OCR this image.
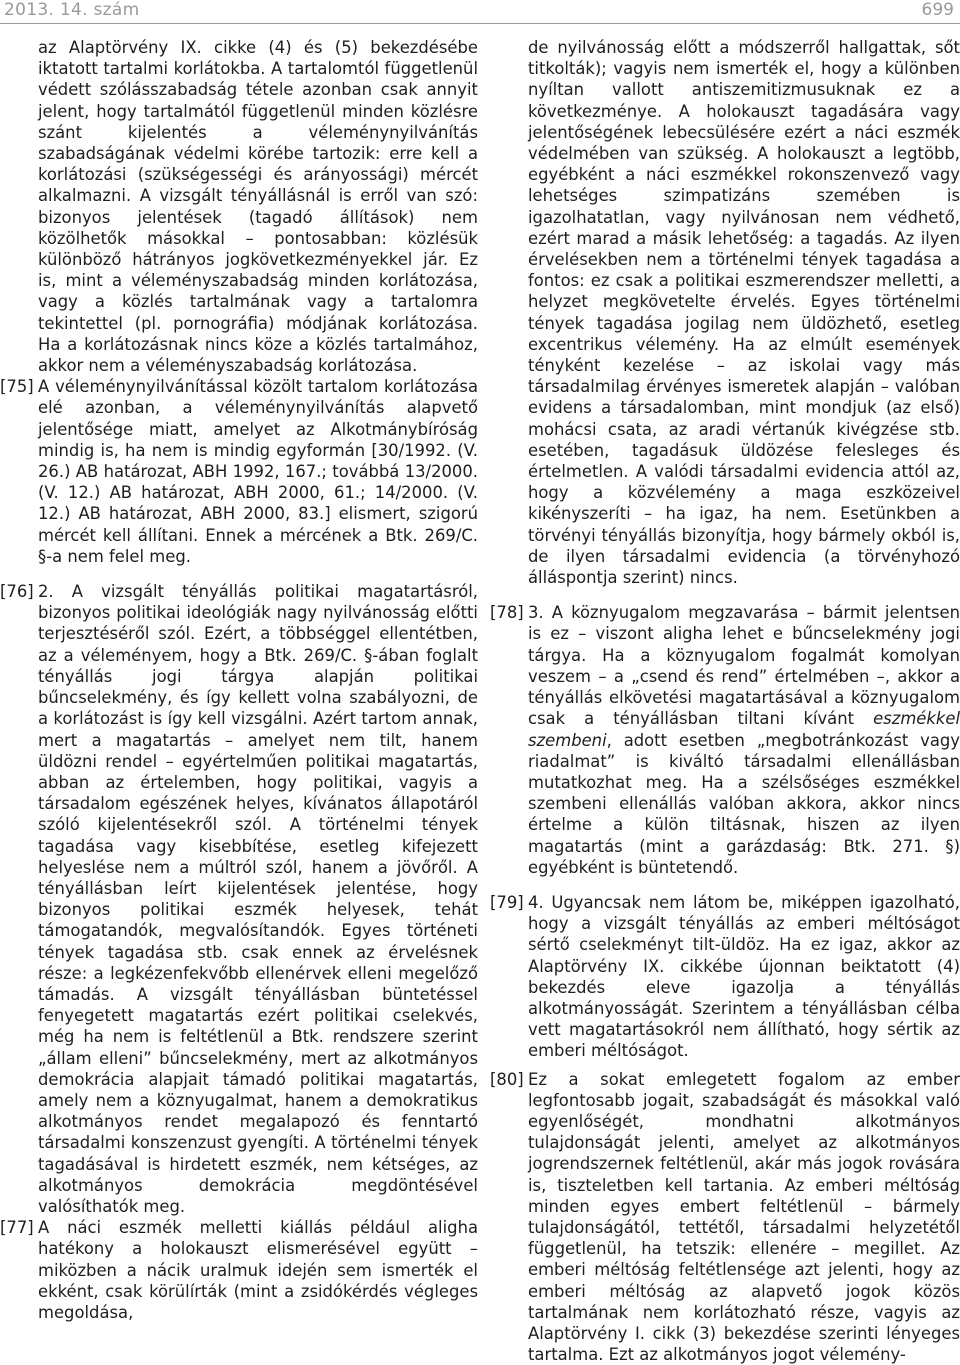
2013. 14. szám	699

az Alaptörvény IX. cikke (4) és (5) bekezdésébe iktatott tartalmi korlátokba. A tartalomtól függetlenül védett szólásszabadság tétele azonban csak annyit jelent, hogy tartalmától függetlenül minden közlésre szánt kijelentés a véleménynyilvánítás szabadságának védelmi körébe tartozik: erre kell a korlátozási (szükségességi és arányossági) mércét alkalmazni. A vizsgált tényállásnál is erről van szó: bizonyos jelentések (tagadó állítások) nem közölhetők másokkal – pontosabban: közlésük különböző hátrányos jogkövetkezményekkel jár. Ez is, mint a véleményszabadság minden korlátozása, vagy a közlés tartalmának vagy a tartalomra tekintettel (pl. pornográfia) módjának korlátozása. Ha a korlátozásnak nincs köze a közlés tartalmához, akkor nem a véleményszabadság korlátozása.

[75] A véleménynyilvánítással közölt tartalom korlátozása elé azonban, a véleménynyilvánítás alapvető jelentősége miatt, amelyet az Alkotmánybíróság mindig is, ha nem is mindig egyformán [30/1992. (V. 26.) AB határozat, ABH 1992, 167.; továbbá 13/2000. (V. 12.) AB határozat, ABH 2000, 61.; 14/2000. (V. 12.) AB határozat, ABH 2000, 83.] elismert, szigorú mércét kell állítani. Ennek a mércének a Btk. 269/C. §-a nem felel meg.

[76] 2. A vizsgált tényállás politikai magatartásról, bizonyos politikai ideológiák nagy nyilvánosság előtti terjesztéséről szól. Ezért, a többséggel ellentétben, az a véleményem, hogy a Btk. 269/C. §-ában foglalt tényállás jogi tárgya alapján politikai bűncselekmény, és így kellett volna szabályozni, de a korlátozást is így kell vizsgálni. Azért tartom annak, mert a magatartás – amelyet nem tilt, hanem üldözni rendel – egyértelműen politikai magatartás, abban az értelemben, hogy politikai, vagyis a társadalom egészének helyes, kívánatos állapotáról szóló kijelentésekről szól. A történelmi tények tagadása vagy kisebbítése, esetleg kifejezett helyeslése nem a múltról szól, hanem a jövőről. A tényállásban leírt kijelentések jelentése, hogy bizonyos politikai eszmék helyesek, tehát támogatandók, megvalósítandók. Egyes történeti tények tagadása stb. csak ennek az érvelésnek része: a legkézenfekvőbb ellenérvek elleni megelőző támadás. A vizsgált tényállásban büntetéssel fenyegetett magatartás ezért politikai cselekvés, még ha nem is feltétlenül a Btk. rendszere szerint „állam elleni” bűncselekmény, mert az alkotmányos demokrácia alapjait támadó politikai magatartás, amely nem a köznyugalmat, hanem a demokratikus alkotmányos rendet megalapozó és fenntartó társadalmi konszenzust gyengíti. A történelmi tények tagadásával is hirdetett eszmék, nem kétséges, az alkotmányos demokrácia megdöntésével valósíthatók meg.

[77] A náci eszmék melletti kiállás például aligha hatékony a holokauszt elismerésével együtt – miközben a nácik uralmuk idején sem ismerték el ekként, csak körülírták (mint a zsidókérdés végleges megoldása,

de nyilvánosság előtt a módszerről hallgattak, sőt titkolták); vagyis nem ismerték el, hogy a különben nyíltan vallott antiszemitizmusuknak ez a következménye. A holokauszt tagadására vagy jelentőségének lebecsülésére ezért a náci eszmék védelmében van szükség. A holokauszt a legtöbb, egyébként a náci eszmékkel rokonszenvező vagy lehetséges szimpatizáns szemében is igazolhatatlan, vagy nyilvánosan nem védhető, ezért marad a másik lehetőség: a tagadás. Az ilyen érvelésekben nem a történelmi tények tagadása a fontos: ez csak a politikai eszmerendszer melletti, a helyzet megkövetelte érvelés. Egyes történelmi tények tagadása jogilag nem üldözhető, esetleg excentrikus vélemény. Ha az elmúlt események tényként kezelése – az iskolai vagy más társadalmilag érvényes ismeretek alapján – valóban evidens a társadalomban, mint mondjuk (az első) mohácsi csata, az aradi vértanúk kivégzése stb. esetében, tagadásuk üldözése felesleges és értelmetlen. A valódi társadalmi evidencia attól az, hogy a közvélemény a maga eszközeivel kikényszeríti – ha igaz, ha nem. Esetünkben a törvényi tényállás bizonyítja, hogy bármely okból is, de ilyen társadalmi evidencia (a törvényhozó álláspontja szerint) nincs.

[78] 3. A köznyugalom megzavarása – bármit jelentsen is ez – viszont aligha lehet e bűncselekmény jogi tárgya. Ha a köznyugalom fogalmát komolyan veszem – a „csend és rend” értelmében –, akkor a tényállás elkövetési magatartásával a köznyugalom csak a tényállásban tiltani kívánt eszmékkel szembeni, adott esetben „megbotránkozást vagy riadalmat” is kiváltó társadalmi ellenállásban mutatkozhat meg. Ha a szélsőséges eszmékkel szembeni ellenállás valóban akkora, akkor nincs értelme a külön tiltásnak, hiszen az ilyen magatartás (mint a garázdaság: Btk. 271. §) egyébként is büntetendő.

[79] 4. Ugyancsak nem látom be, miképpen igazolható, hogy a vizsgált tényállás az emberi méltóságot sértő cselekményt tilt-üldöz. Ha ez igaz, akkor az Alaptörvény IX. cikkébe újonnan beiktatott (4) bekezdés eleve igazolja a tényállás alkotmányosságát. Szerintem a tényállásban célba vett magatartásokról nem állítható, hogy sértik az emberi méltóságot.

[80] Ez a sokat emlegetett fogalom az ember legfontosabb jogait, szabadságát és másokkal való egyenlőségét, mondhatni alkotmányos tulajdonságát jelenti, amelyet az alkotmányos jogrendszernek feltétlenül, akár más jogok rovására is, tiszteletben kell tartania. Az emberi méltóság minden egyes embert feltétlenül – bármely tulajdonságától, tettétől, társadalmi helyzetétől függetlenül, ha tetszik: ellenére – megillet. Az emberi méltóság feltétlensége azt jelenti, hogy az emberi méltóság az alapvető jogok közös tartalmának nem korlátozható része, vagyis az Alaptörvény I. cikk (3) bekezdése szerinti lényeges tartalma. Ezt az alkotmányos jogot vélemény-
